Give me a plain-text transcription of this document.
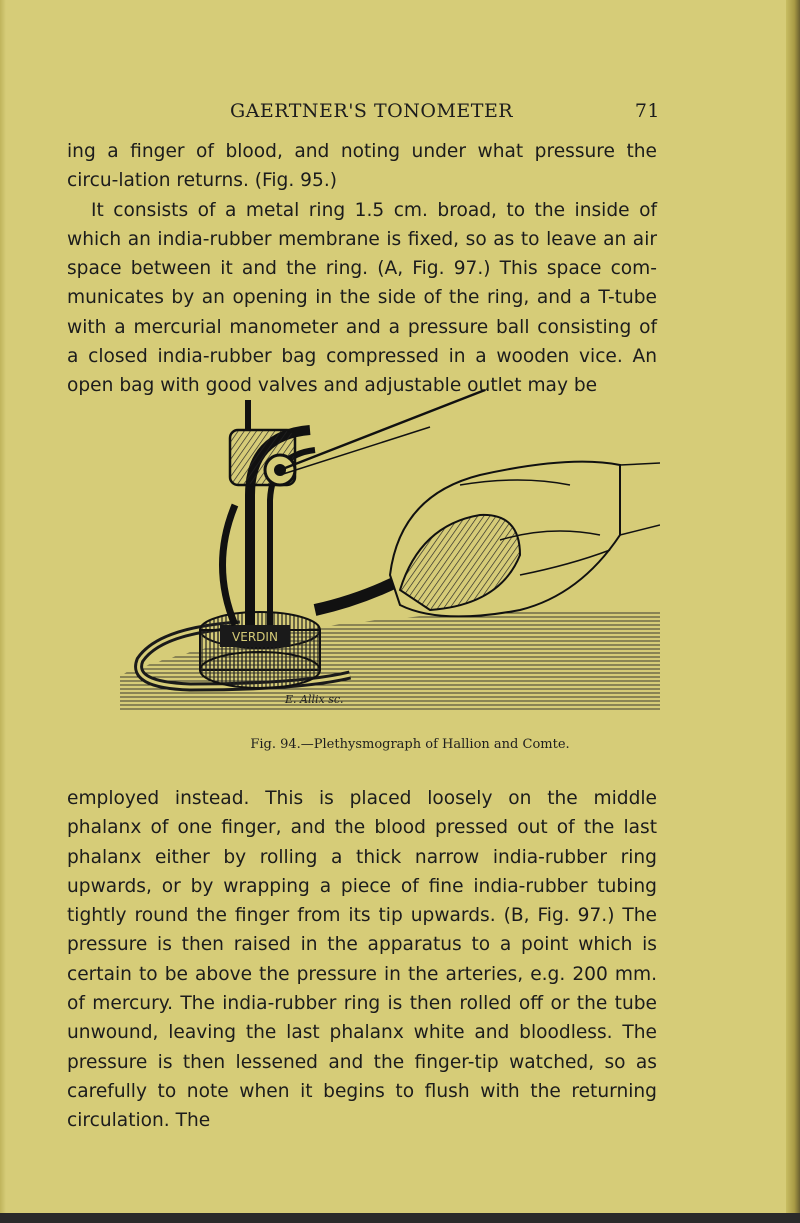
GAERTNER'S TONOMETER	71

ing a finger of blood, and noting under what pressure the circu-lation returns. (Fig. 95.)

It consists of a metal ring 1.5 cm. broad, to the inside of which an india-rubber membrane is fixed, so as to leave an air space between it and the ring. (A, Fig. 97.) This space com-municates by an opening in the side of the ring, and a T-tube with a mercurial manometer and a pressure ball consisting of a closed india-rubber bag compressed in a wooden vice. An open bag with good valves and adjustable outlet may be

VERDIN
E. Allix sc.
Fig. 94.—Plethysmograph of Hallion and Comte.

employed instead. This is placed loosely on the middle phalanx of one finger, and the blood pressed out of the last phalanx either by rolling a thick narrow india-rubber ring upwards, or by wrapping a piece of fine india-rubber tubing tightly round the finger from its tip upwards. (B, Fig. 97.) The pressure is then raised in the apparatus to a point which is certain to be above the pressure in the arteries, e.g. 200 mm. of mercury. The india-rubber ring is then rolled off or the tube unwound, leaving the last phalanx white and bloodless. The pressure is then lessened and the finger-tip watched, so as carefully to note when it begins to flush with the returning circulation. The
